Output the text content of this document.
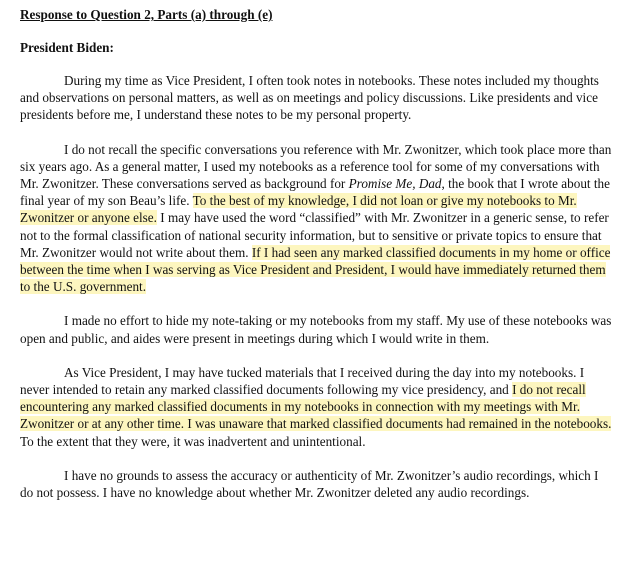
Response to Question 2, Parts (a) through (e)

President Biden:

During my time as Vice President, I often took notes in notebooks. These notes included my thoughts and observations on personal matters, as well as on meetings and policy discussions. Like presidents and vice presidents before me, I understand these notes to be my personal property.

I do not recall the specific conversations you reference with Mr. Zwonitzer, which took place more than six years ago. As a general matter, I used my notebooks as a reference tool for some of my conversations with Mr. Zwonitzer. These conversations served as background for Promise Me, Dad, the book that I wrote about the final year of my son Beau’s life. To the best of my knowledge, I did not loan or give my notebooks to Mr. Zwonitzer or anyone else. I may have used the word “classified” with Mr. Zwonitzer in a generic sense, to refer not to the formal classification of national security information, but to sensitive or private topics to ensure that Mr. Zwonitzer would not write about them. If I had seen any marked classified documents in my home or office between the time when I was serving as Vice President and President, I would have immediately returned them to the U.S. government.

I made no effort to hide my note-taking or my notebooks from my staff. My use of these notebooks was open and public, and aides were present in meetings during which I would write in them.

As Vice President, I may have tucked materials that I received during the day into my notebooks. I never intended to retain any marked classified documents following my vice presidency, and I do not recall encountering any marked classified documents in my notebooks in connection with my meetings with Mr. Zwonitzer or at any other time. I was unaware that marked classified documents had remained in the notebooks. To the extent that they were, it was inadvertent and unintentional.

I have no grounds to assess the accuracy or authenticity of Mr. Zwonitzer’s audio recordings, which I do not possess. I have no knowledge about whether Mr. Zwonitzer deleted any audio recordings.
